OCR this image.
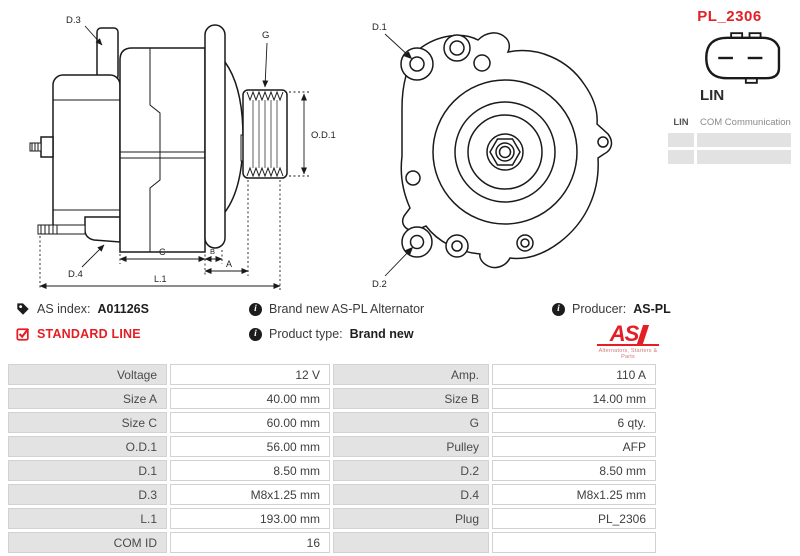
D.3
G
O.D.1
D.4
C	B
A
L.1
D.1
D.2
PL_2306
LIN
LIN	COM Communication
AS index: A01126S
STANDARD LINE
i Brand new AS-PL Alternator
i Product type: Brand new
i Producer: AS-PL
AS
Alternators, Starters & Parts
Voltage	12 V	Amp.	110 A
Size A	40.00 mm	Size B	14.00 mm
Size C	60.00 mm	G	6 qty.
O.D.1	56.00 mm	Pulley	AFP
D.1	8.50 mm	D.2	8.50 mm
D.3	M8x1.25 mm	D.4	M8x1.25 mm
L.1	193.00 mm	Plug	PL_2306
COM ID	16
